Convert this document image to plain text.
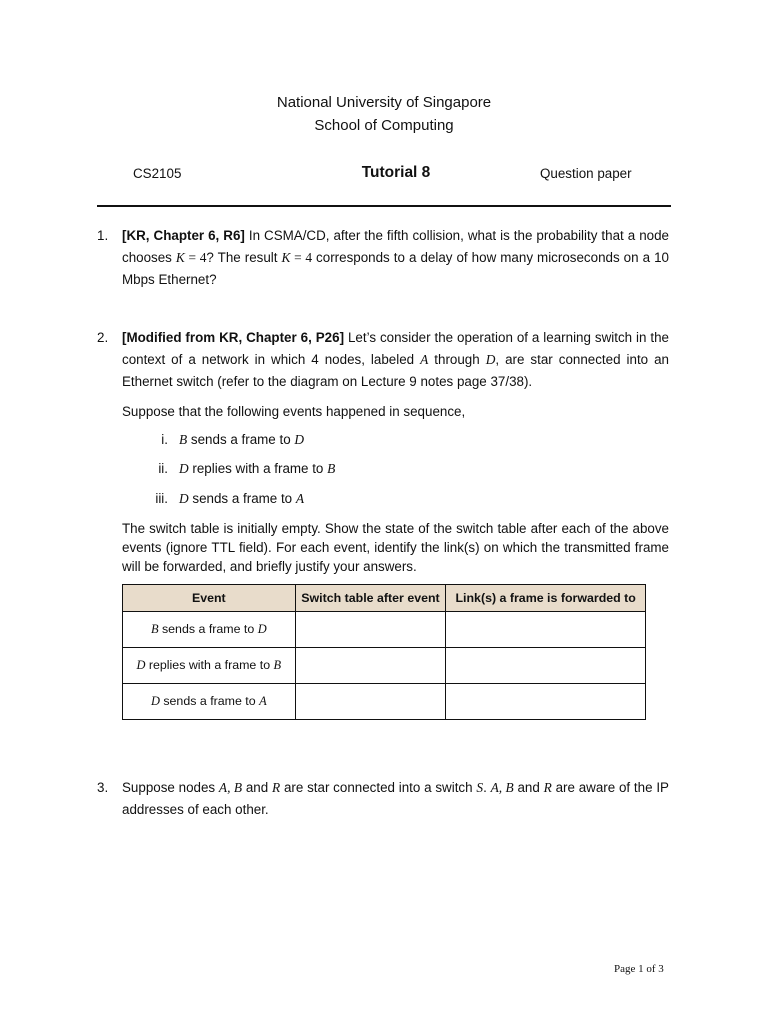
National University of Singapore
School of Computing
CS2105	Tutorial 8	Question paper
1. [KR, Chapter 6, R6] In CSMA/CD, after the fifth collision, what is the probability that a node chooses K = 4? The result K = 4 corresponds to a delay of how many microseconds on a 10 Mbps Ethernet?
2. [Modified from KR, Chapter 6, P26] Let’s consider the operation of a learning switch in the context of a network in which 4 nodes, labeled A through D, are star connected into an Ethernet switch (refer to the diagram on Lecture 9 notes page 37/38).
Suppose that the following events happened in sequence,
i. B sends a frame to D
ii. D replies with a frame to B
iii. D sends a frame to A
The switch table is initially empty. Show the state of the switch table after each of the above events (ignore TTL field). For each event, identify the link(s) on which the transmitted frame will be forwarded, and briefly justify your answers.
Event	Switch table after event	Link(s) a frame is forwarded to
B sends a frame to D		
D replies with a frame to B		
D sends a frame to A		
3. Suppose nodes A, B and R are star connected into a switch S. A, B and R are aware of the IP addresses of each other.
Page 1 of 3
